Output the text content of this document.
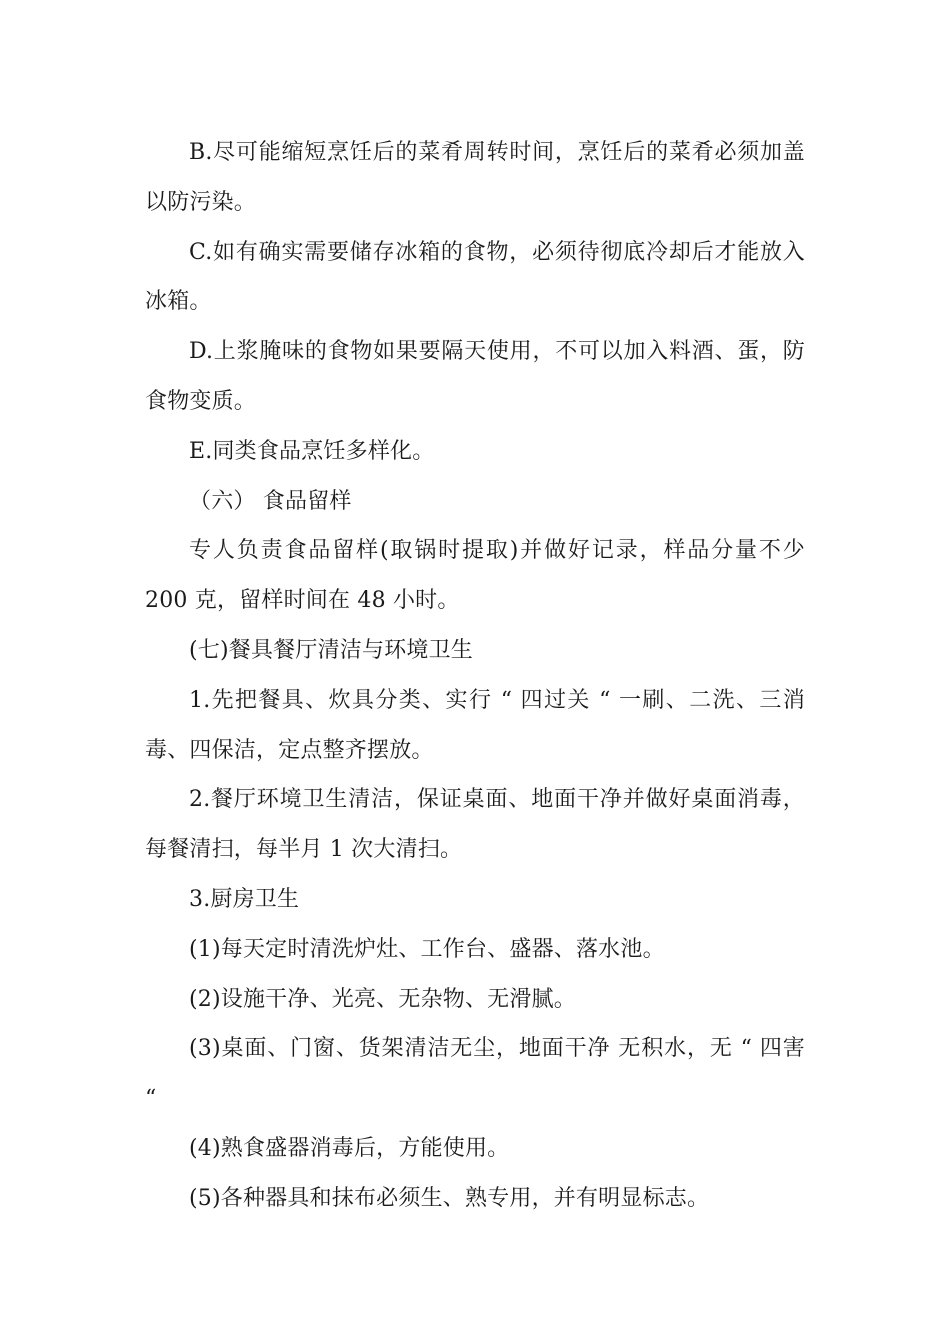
B.尽可能缩短烹饪后的菜肴周转时间，烹饪后的菜肴必须加盖以防污染。

C.如有确实需要储存冰箱的食物，必须待彻底冷却后才能放入冰箱。

D.上浆腌味的食物如果要隔天使用，不可以加入料酒、蛋，防食物变质。

E.同类食品烹饪多样化。

（六） 食品留样

专人负责食品留样(取锅时提取)并做好记录，样品分量不少 200 克，留样时间在 48 小时。

(七)餐具餐厅清洁与环境卫生

1.先把餐具、炊具分类、实行 “ 四过关 “ 一刷、二洗、三消毒、四保洁，定点整齐摆放。

2.餐厅环境卫生清洁，保证桌面、地面干净并做好桌面消毒，每餐清扫，每半月 1 次大清扫。

3.厨房卫生

(1)每天定时清洗炉灶、工作台、盛器、落水池。

(2)设施干净、光亮、无杂物、无滑腻。

(3)桌面、门窗、货架清洁无尘，地面干净 无积水，无 “ 四害 “

(4)熟食盛器消毒后，方能使用。

(5)各种器具和抹布必须生、熟专用，并有明显标志。
